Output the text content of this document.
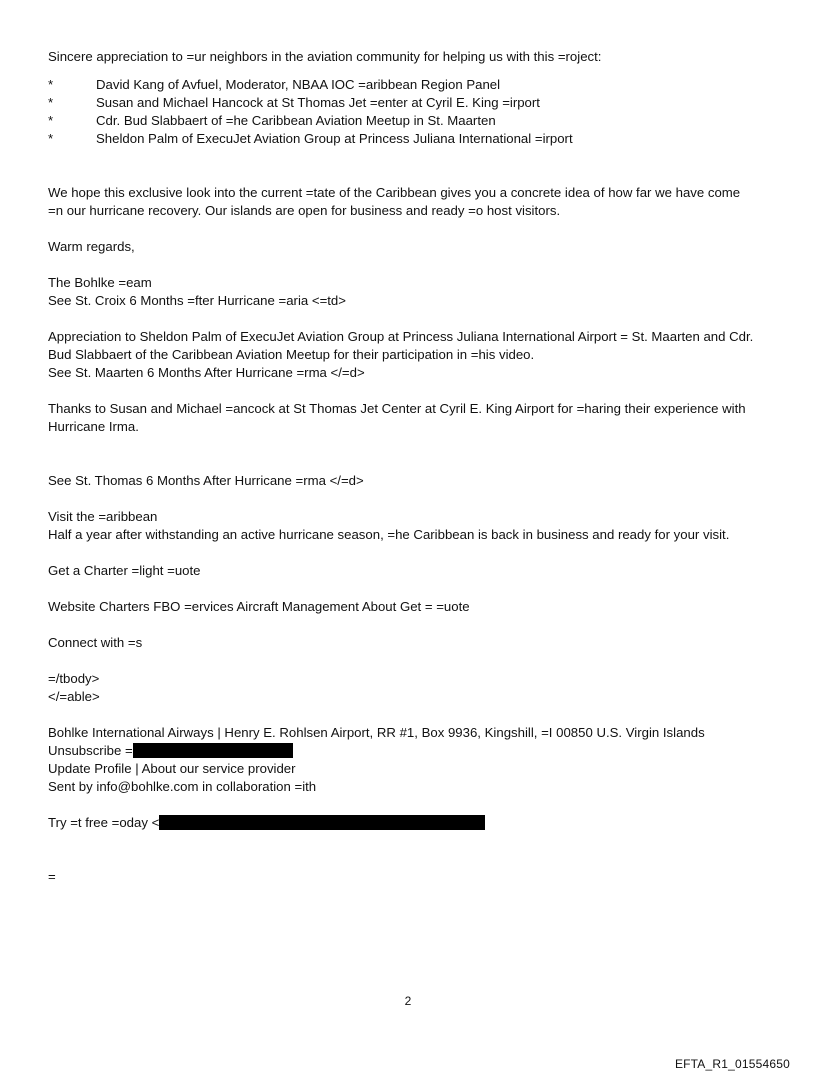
Sincere appreciation to =ur neighbors in the aviation community for helping us with this =roject:

*	David Kang of Avfuel, Moderator, NBAA IOC =aribbean Region Panel
*	Susan and Michael Hancock at St Thomas Jet =enter at Cyril E. King =irport
*	Cdr. Bud Slabbaert of =he Caribbean Aviation Meetup in St. Maarten
*	Sheldon Palm of ExecuJet Aviation Group at Princess Juliana International =irport

We hope this exclusive look into the current =tate of the Caribbean gives you a concrete idea of how far we have come

=n our hurricane recovery. Our islands are open for business and ready =o host visitors.

Warm regards,

The Bohlke =eam

See St. Croix 6 Months =fter Hurricane =aria <=td>

Appreciation to Sheldon Palm of ExecuJet Aviation Group at Princess Juliana International Airport = St. Maarten and Cdr.

Bud Slabbaert of the Caribbean Aviation Meetup for their participation in =his video.

See St. Maarten 6 Months After Hurricane =rma </=d>

Thanks to Susan and Michael =ancock at St Thomas Jet Center at Cyril E. King Airport for =haring their experience with

Hurricane Irma.

See St. Thomas 6 Months After Hurricane =rma </=d>

Visit the =aribbean

Half a year after withstanding an active hurricane season, =he Caribbean is back in business and ready for your visit.

Get a Charter =light =uote

Website Charters FBO =ervices Aircraft Management About Get = =uote

Connect with =s

=/tbody>

</=able>

Bohlke International Airways | Henry E. Rohlsen Airport, RR #1, Box 9936, Kingshill, =I 00850 U.S. Virgin Islands

Unsubscribe =

Update Profile | About our service provider

Sent by info@bohlke.com in collaboration =ith

Try =t free =oday <

=

2
EFTA_R1_01554650
